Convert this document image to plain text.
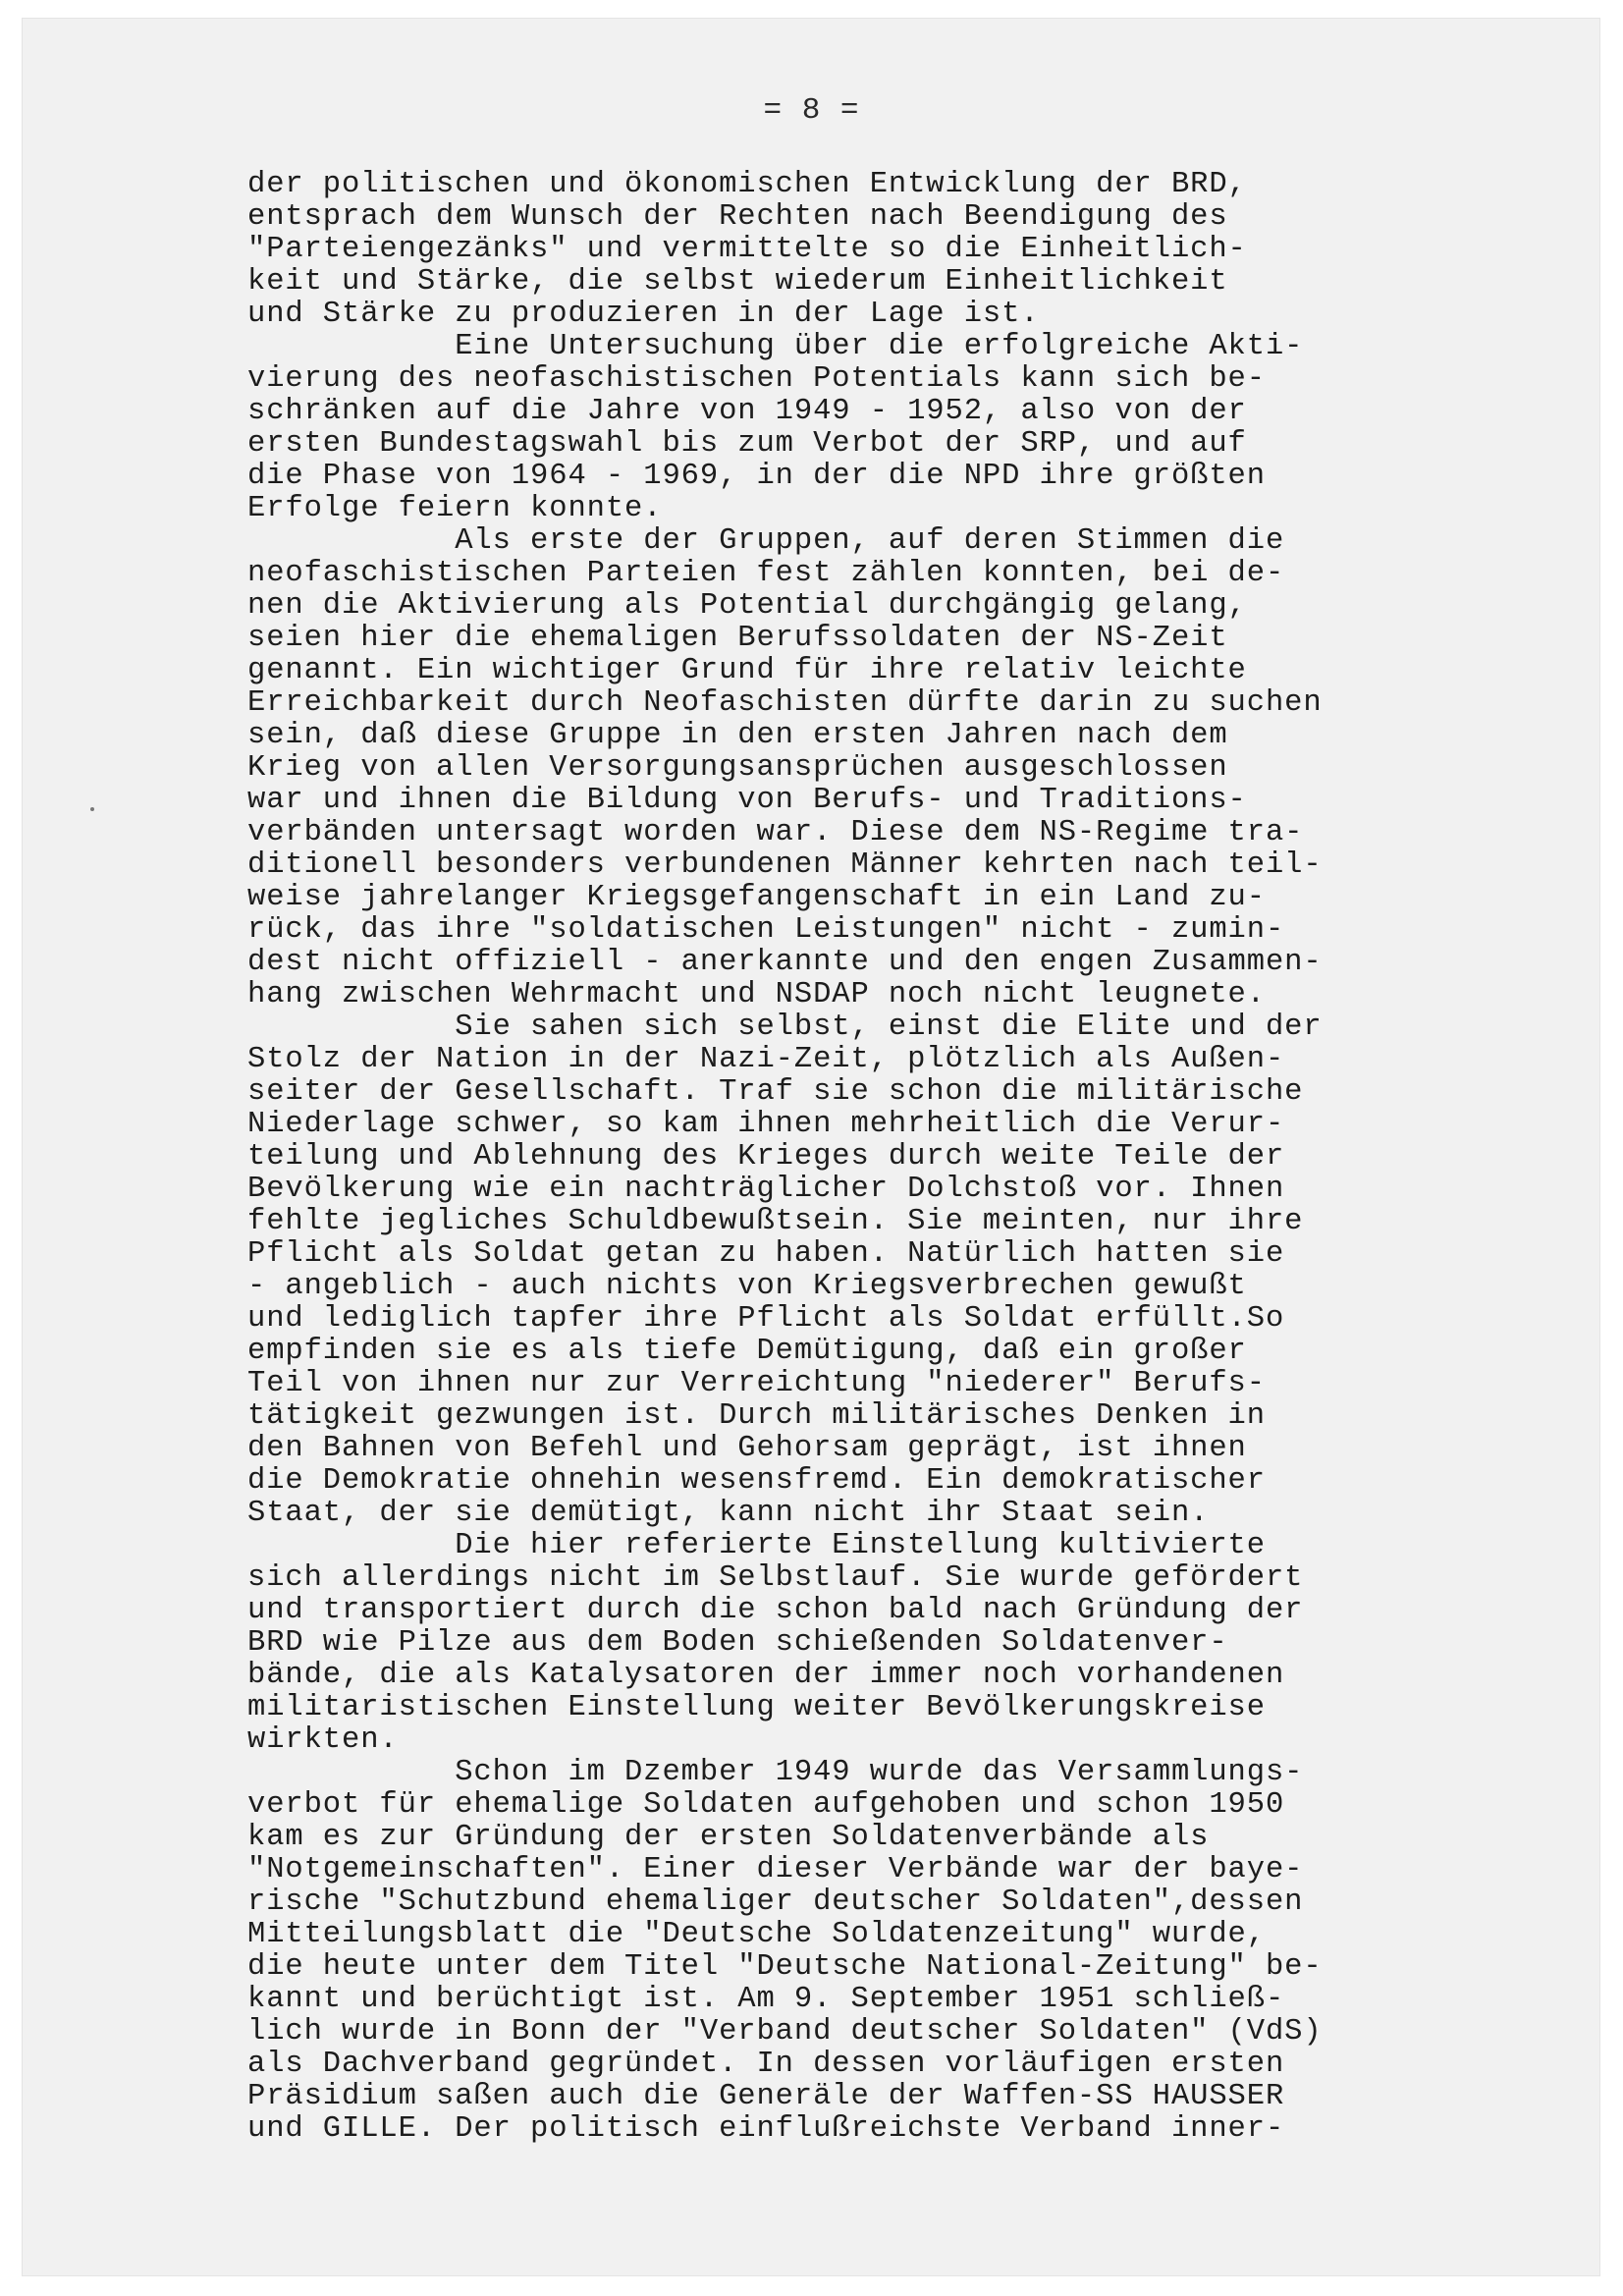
= 8 =
der politischen und ökonomischen Entwicklung der BRD,
entsprach dem Wunsch der Rechten nach Beendigung des
"Parteiengezänks" und vermittelte so die Einheitlich-
keit und Stärke, die selbst wiederum Einheitlichkeit
und Stärke zu produzieren in der Lage ist.
Eine Untersuchung über die erfolgreiche Akti-
vierung des neofaschistischen Potentials kann sich be-
schränken auf die Jahre von 1949 - 1952, also von der
ersten Bundestagswahl bis zum Verbot der SRP, und auf
die Phase von 1964 - 1969, in der die NPD ihre größten
Erfolge feiern konnte.
Als erste der Gruppen, auf deren Stimmen die
neofaschistischen Parteien fest zählen konnten, bei de-
nen die Aktivierung als Potential durchgängig gelang,
seien hier die ehemaligen Berufssoldaten der NS-Zeit
genannt. Ein wichtiger Grund für ihre relativ leichte
Erreichbarkeit durch Neofaschisten dürfte darin zu suchen
sein, daß diese Gruppe in den ersten Jahren nach dem
Krieg von allen Versorgungsansprüchen ausgeschlossen
war und ihnen die Bildung von Berufs- und Traditions-
verbänden untersagt worden war. Diese dem NS-Regime tra-
ditionell besonders verbundenen Männer kehrten nach teil-
weise jahrelanger Kriegsgefangenschaft in ein Land zu-
rück, das ihre "soldatischen Leistungen" nicht - zumin-
dest nicht offiziell - anerkannte und den engen Zusammen-
hang zwischen Wehrmacht und NSDAP noch nicht leugnete.
Sie sahen sich selbst, einst die Elite und der
Stolz der Nation in der Nazi-Zeit, plötzlich als Außen-
seiter der Gesellschaft. Traf sie schon die militärische
Niederlage schwer, so kam ihnen mehrheitlich die Verur-
teilung und Ablehnung des Krieges durch weite Teile der
Bevölkerung wie ein nachträglicher Dolchstoß vor. Ihnen
fehlte jegliches Schuldbewußtsein. Sie meinten, nur ihre
Pflicht als Soldat getan zu haben. Natürlich hatten sie
- angeblich - auch nichts von Kriegsverbrechen gewußt
und lediglich tapfer ihre Pflicht als Soldat erfüllt.So
empfinden sie es als tiefe Demütigung, daß ein großer
Teil von ihnen nur zur Verreichtung "niederer" Berufs-
tätigkeit gezwungen ist. Durch militärisches Denken in
den Bahnen von Befehl und Gehorsam geprägt, ist ihnen
die Demokratie ohnehin wesensfremd. Ein demokratischer
Staat, der sie demütigt, kann nicht ihr Staat sein.
Die hier referierte Einstellung kultivierte
sich allerdings nicht im Selbstlauf. Sie wurde gefördert
und transportiert durch die schon bald nach Gründung der
BRD wie Pilze aus dem Boden schießenden Soldatenver-
bände, die als Katalysatoren der immer noch vorhandenen
militaristischen Einstellung weiter Bevölkerungskreise
wirkten.
Schon im Dzember 1949 wurde das Versammlungs-
verbot für ehemalige Soldaten aufgehoben und schon 1950
kam es zur Gründung der ersten Soldatenverbände als
"Notgemeinschaften". Einer dieser Verbände war der baye-
rische "Schutzbund ehemaliger deutscher Soldaten",dessen
Mitteilungsblatt die "Deutsche Soldatenzeitung" wurde,
die heute unter dem Titel "Deutsche National-Zeitung" be-
kannt und berüchtigt ist. Am 9. September 1951 schließ-
lich wurde in Bonn der "Verband deutscher Soldaten" (VdS)
als Dachverband gegründet. In dessen vorläufigen ersten
Präsidium saßen auch die Generäle der Waffen-SS HAUSSER
und GILLE. Der politisch einflußreichste Verband inner-
